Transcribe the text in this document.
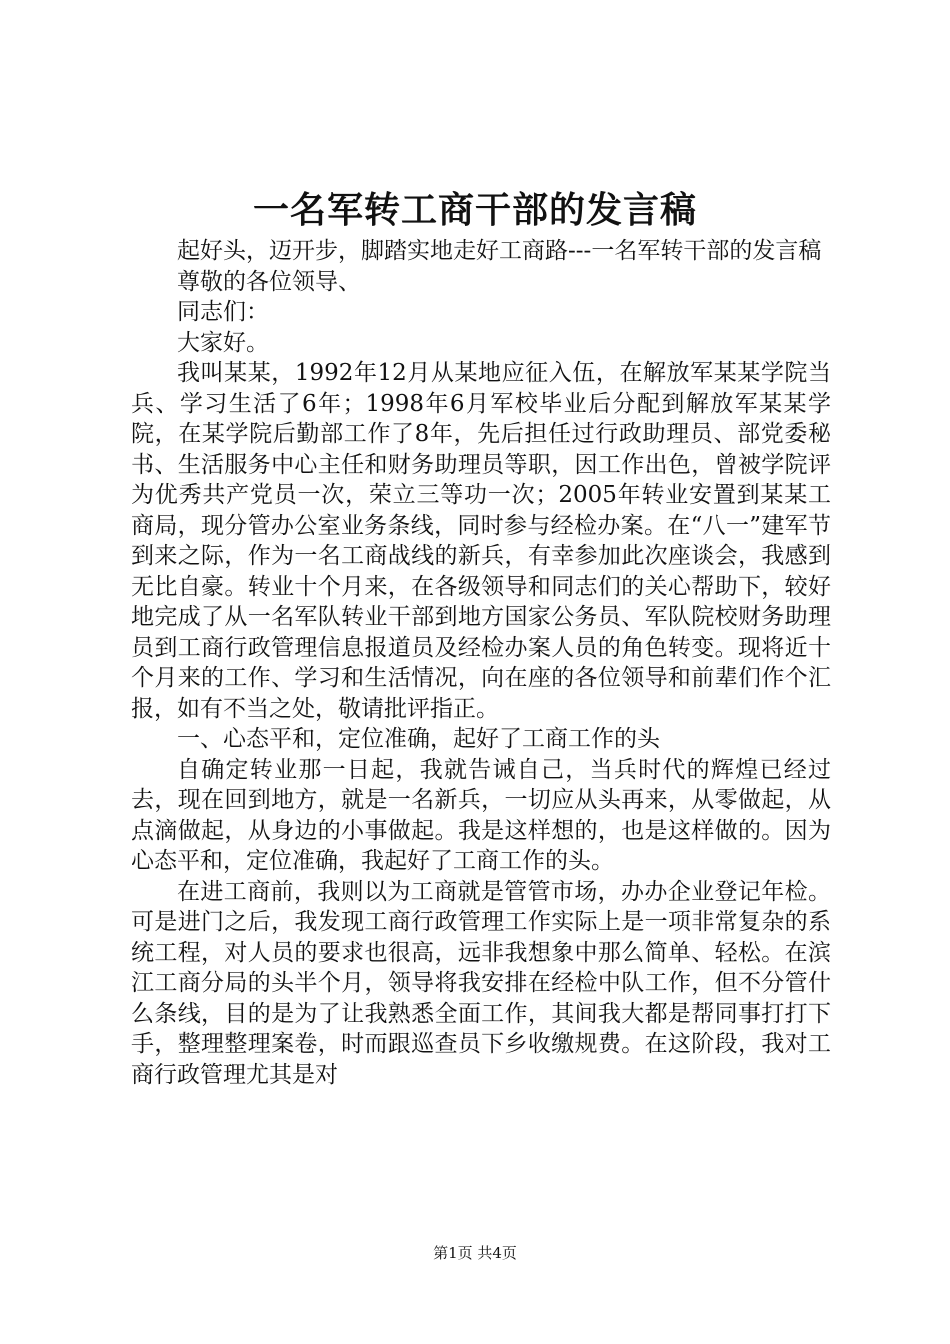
一名军转工商干部的发言稿

起好头，迈开步，脚踏实地走好工商路---一名军转干部的发言稿

尊敬的各位领导、

同志们：

大家好。

我叫某某，1992年12月从某地应征入伍，在解放军某某学院当兵、学习生活了6年；1998年6月军校毕业后分配到解放军某某学院，在某学院后勤部工作了8年，先后担任过行政助理员、部党委秘书、生活服务中心主任和财务助理员等职，因工作出色，曾被学院评为优秀共产党员一次，荣立三等功一次；2005年转业安置到某某工商局，现分管办公室业务条线，同时参与经检办案。在“八一”建军节到来之际，作为一名工商战线的新兵，有幸参加此次座谈会，我感到无比自豪。转业十个月来，在各级领导和同志们的关心帮助下，较好地完成了从一名军队转业干部到地方国家公务员、军队院校财务助理员到工商行政管理信息报道员及经检办案人员的角色转变。现将近十个月来的工作、学习和生活情况，向在座的各位领导和前辈们作个汇报，如有不当之处，敬请批评指正。

一、心态平和，定位准确，起好了工商工作的头

自确定转业那一日起，我就告诫自己，当兵时代的辉煌已经过去，现在回到地方，就是一名新兵，一切应从头再来，从零做起，从点滴做起，从身边的小事做起。我是这样想的，也是这样做的。因为心态平和，定位准确，我起好了工商工作的头。

在进工商前，我则以为工商就是管管市场，办办企业登记年检。可是进门之后，我发现工商行政管理工作实际上是一项非常复杂的系统工程，对人员的要求也很高，远非我想象中那么简单、轻松。在滨江工商分局的头半个月，领导将我安排在经检中队工作，但不分管什么条线，目的是为了让我熟悉全面工作，其间我大都是帮同事打打下手，整理整理案卷，时而跟巡查员下乡收缴规费。在这阶段，我对工商行政管理尤其是对

第1页 共4页
